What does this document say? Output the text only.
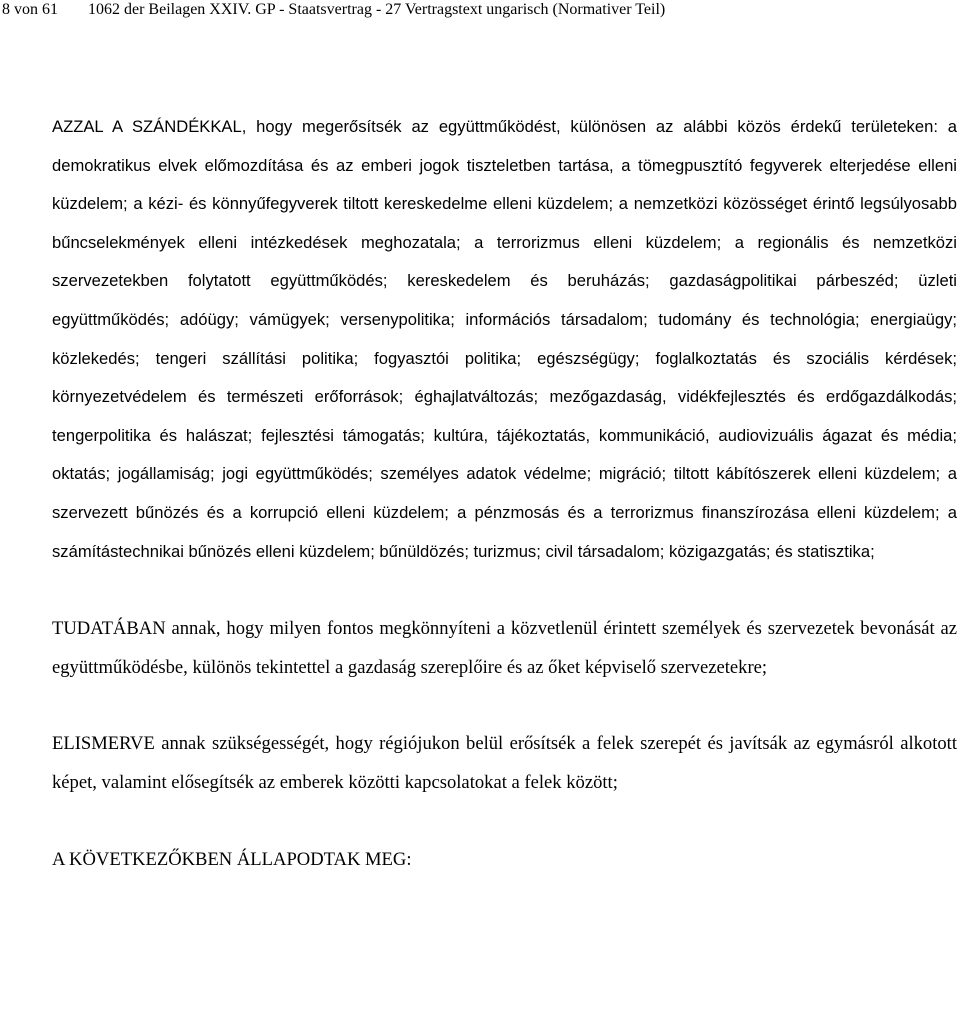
8 von 61 1062 der Beilagen XXIV. GP - Staatsvertrag - 27 Vertragstext ungarisch (Normativer Teil)

AZZAL A SZÁNDÉKKAL, hogy megerősítsék az együttműködést, különösen az alábbi közös érdekű területeken: a demokratikus elvek előmozdítása és az emberi jogok tiszteletben tartása, a tömegpusztító fegyverek elterjedése elleni küzdelem; a kézi- és könnyűfegyverek tiltott kereskedelme elleni küzdelem; a nemzetközi közösséget érintő legsúlyosabb bűncselekmények elleni intézkedések meghozatala; a terrorizmus elleni küzdelem; a regionális és nemzetközi szervezetekben folytatott együttműködés; kereskedelem és beruházás; gazdaságpolitikai párbeszéd; üzleti együttműködés; adóügy; vámügyek; versenypolitika; információs társadalom; tudomány és technológia; energiaügy; közlekedés; tengeri szállítási politika; fogyasztói politika; egészségügy; foglalkoztatás és szociális kérdések; környezetvédelem és természeti erőforrások; éghajlatváltozás; mezőgazdaság, vidékfejlesztés és erdőgazdálkodás; tengerpolitika és halászat; fejlesztési támogatás; kultúra, tájékoztatás, kommunikáció, audiovizuális ágazat és média; oktatás; jogállamiság; jogi együttműködés; személyes adatok védelme; migráció; tiltott kábítószerek elleni küzdelem; a szervezett bűnözés és a korrupció elleni küzdelem; a pénzmosás és a terrorizmus finanszírozása elleni küzdelem; a számítástechnikai bűnözés elleni küzdelem; bűnüldözés; turizmus; civil társadalom; közigazgatás; és statisztika;

TUDATÁBAN annak, hogy milyen fontos megkönnyíteni a közvetlenül érintett személyek és szervezetek bevonását az együttműködésbe, különös tekintettel a gazdaság szereplőire és az őket képviselő szervezetekre;

ELISMERVE annak szükségességét, hogy régiójukon belül erősítsék a felek szerepét és javítsák az egymásról alkotott képet, valamint elősegítsék az emberek közötti kapcsolatokat a felek között;

A KÖVETKEZŐKBEN ÁLLAPODTAK MEG:
